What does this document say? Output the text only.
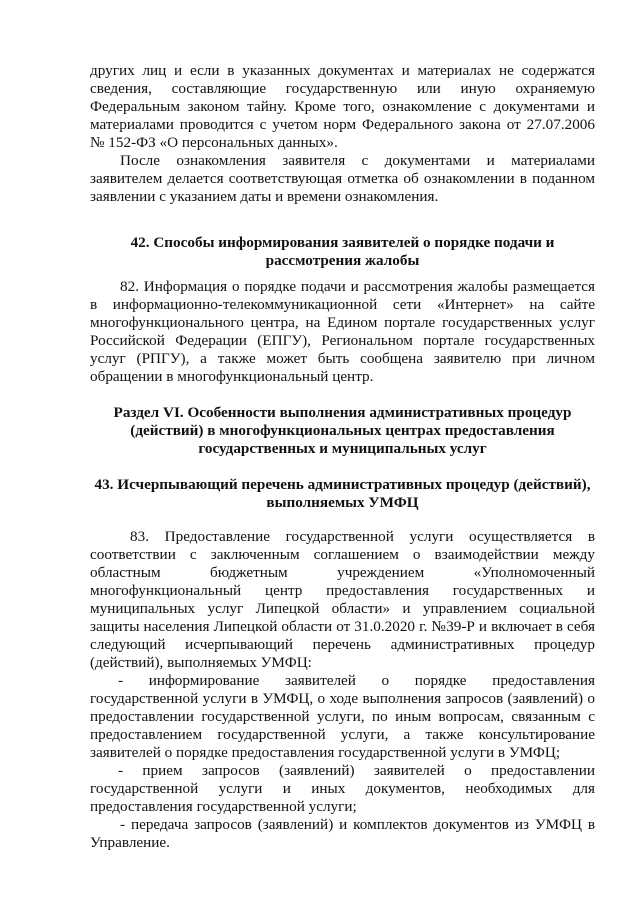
других лиц и если в указанных документах и материалах не содержатся сведения, составляющие государственную или иную охраняемую Федеральным законом тайну. Кроме того, ознакомление с документами и материалами проводится с учетом норм Федерального закона от 27.07.2006 № 152-ФЗ «О персональных данных».

После ознакомления заявителя с документами и материалами заявителем делается соответствующая отметка об ознакомлении в поданном заявлении с указанием даты и времени ознакомления.

42. Способы информирования заявителей о порядке подачи и рассмотрения жалобы

82. Информация о порядке подачи и рассмотрения жалобы размещается в информационно-телекоммуникационной сети «Интернет» на сайте многофункционального центра, на Едином портале государственных услуг Российской Федерации (ЕПГУ), Региональном портале государственных услуг (РПГУ), а также может быть сообщена заявителю при личном обращении в многофункциональный центр.

Раздел VI. Особенности выполнения административных процедур (действий) в многофункциональных центрах предоставления государственных и муниципальных услуг
43. Исчерпывающий перечень административных процедур (действий), выполняемых УМФЦ

83. Предоставление государственной услуги осуществляется в соответствии с заключенным соглашением о взаимодействии между областным бюджетным учреждением «Уполномоченный многофункциональный центр предоставления государственных и муниципальных услуг Липецкой области» и управлением социальной защиты населения Липецкой области от 31.0.2020 г. №39-Р и включает в себя следующий исчерпывающий перечень административных процедур (действий), выполняемых УМФЦ:

- информирование заявителей о порядке предоставления государственной услуги в УМФЦ, о ходе выполнения запросов (заявлений) о предоставлении государственной услуги, по иным вопросам, связанным с предоставлением государственной услуги, а также консультирование заявителей о порядке предоставления государственной услуги в УМФЦ;

- прием запросов (заявлений) заявителей о предоставлении государственной услуги и иных документов, необходимых для предоставления государственной услуги;

- передача запросов (заявлений) и комплектов документов из УМФЦ в Управление.
